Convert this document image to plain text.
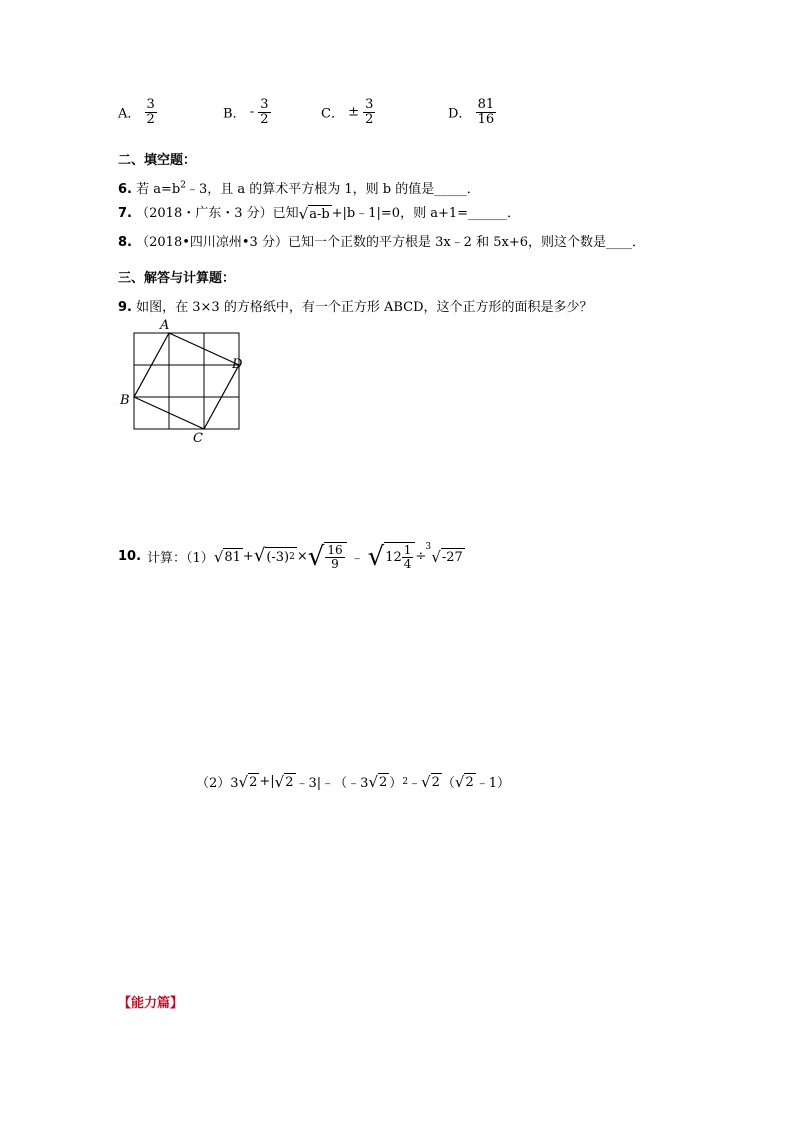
A． $\frac{3}{2}$	B． - $\frac{3}{2}$	C． ± $\frac{3}{2}$	D． $\frac{81}{16}$
二、填空题：
6. 若 $a=b^2﹣3$，且 a 的算术平方根为 1，则 b 的值是_____．
7. （2018・广东・3 分）已知 √ a-b +|b﹣1|=0，则 a+1=______．
8. （2018•四川凉州•3 分）已知一个正数的平方根是 3x﹣2 和 5x+6，则这个数是____．
三、解答与计算题：
9. 如图，在 3×3 的方格纸中，有一个正方形 ABCD，这个正方形的面积是多少？
A
D
B
C
10. 计算：（1） √ 81 + √ (-3) 2 × √ $\frac{16}{9}$ ﹣ √ $12 \frac{1}{4}$ ÷
3
√ -27
（2）3 √ 2 +| √ 2 ﹣3|﹣（﹣3 √ 2 ） 2 ﹣ √ 2 （ √ 2 ﹣1）
【能力篇】
